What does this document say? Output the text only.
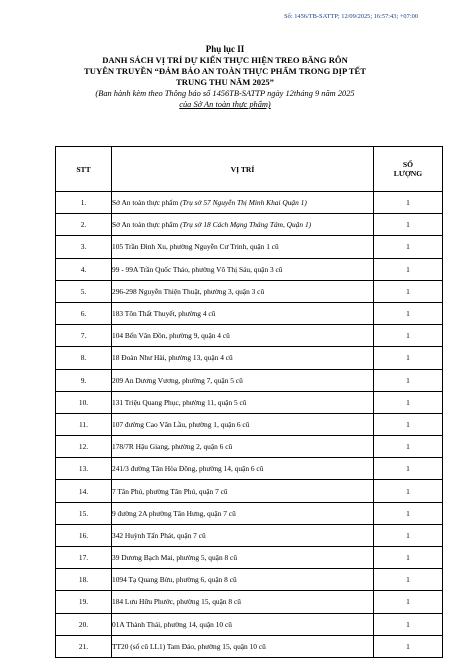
Số: 1456/TB-SATTP; 12/09/2025; 16:57:43; +07:00
Phụ lục II
DANH SÁCH VỊ TRÍ DỰ KIẾN THỰC HIỆN TREO BĂNG RÔN
TUYÊN TRUYỀN “ĐẢM BẢO AN TOÀN THỰC PHẨM TRONG DỊP TẾT
TRUNG THU NĂM 2025”
(Ban hành kèm theo Thông báo số 1456TB-SATTP ngày 12tháng 9 năm 2025
của Sở An toàn thực phẩm)
STT	VỊ TRÍ	SỐ
LƯỢNG

1.	Sở An toàn thực phẩm (Trụ sở 57 Nguyễn Thị Minh Khai Quận 1)	1
2.	Sở An toàn thực phẩm (Trụ sở 18 Cách Mạng Tháng Tám, Quận 1)	1
3.	105 Trần Đình Xu, phường Nguyễn Cư Trinh, quận 1 cũ	1
4.	99 - 99A Trần Quốc Thảo, phường Võ Thị Sáu, quận 3 cũ	1
5.	296-298 Nguyễn Thiện Thuật, phường 3, quận 3 cũ	1
6.	183 Tôn Thất Thuyết, phường 4 cũ	1
7.	104 Bến Vân Đồn, phường 9, quận 4 cũ	1
8.	18 Đoàn Như Hài, phường 13, quận 4 cũ	1
9.	209 An Dương Vương, phường 7, quận 5 cũ	1
10.	131 Triệu Quang Phục, phường 11, quận 5 cũ	1
11.	107 đường Cao Văn Lầu, phường 1, quận 6 cũ	1
12.	178/7R Hậu Giang, phường 2, quận 6 cũ	1
13.	241/3 đường Tân Hòa Đông, phường 14, quận 6 cũ	1
14.	7 Tân Phú, phường Tân Phú, quận 7 cũ	1
15.	9 đường 2A phường Tân Hưng, quận 7 cũ	1
16.	342 Huỳnh Tấn Phát, quận 7 cũ	1
17.	39 Dương Bạch Mai, phường 5, quận 8 cũ	1
18.	1094 Tạ Quang Bửu, phường 6, quận 8 cũ	1
19.	184 Lưu Hữu Phước, phường 15, quận 8 cũ	1
20.	01A Thành Thái, phường 14, quận 10 cũ	1
21.	TT20 (số cũ LL1) Tam Đảo, phường 15, quận 10 cũ	1
